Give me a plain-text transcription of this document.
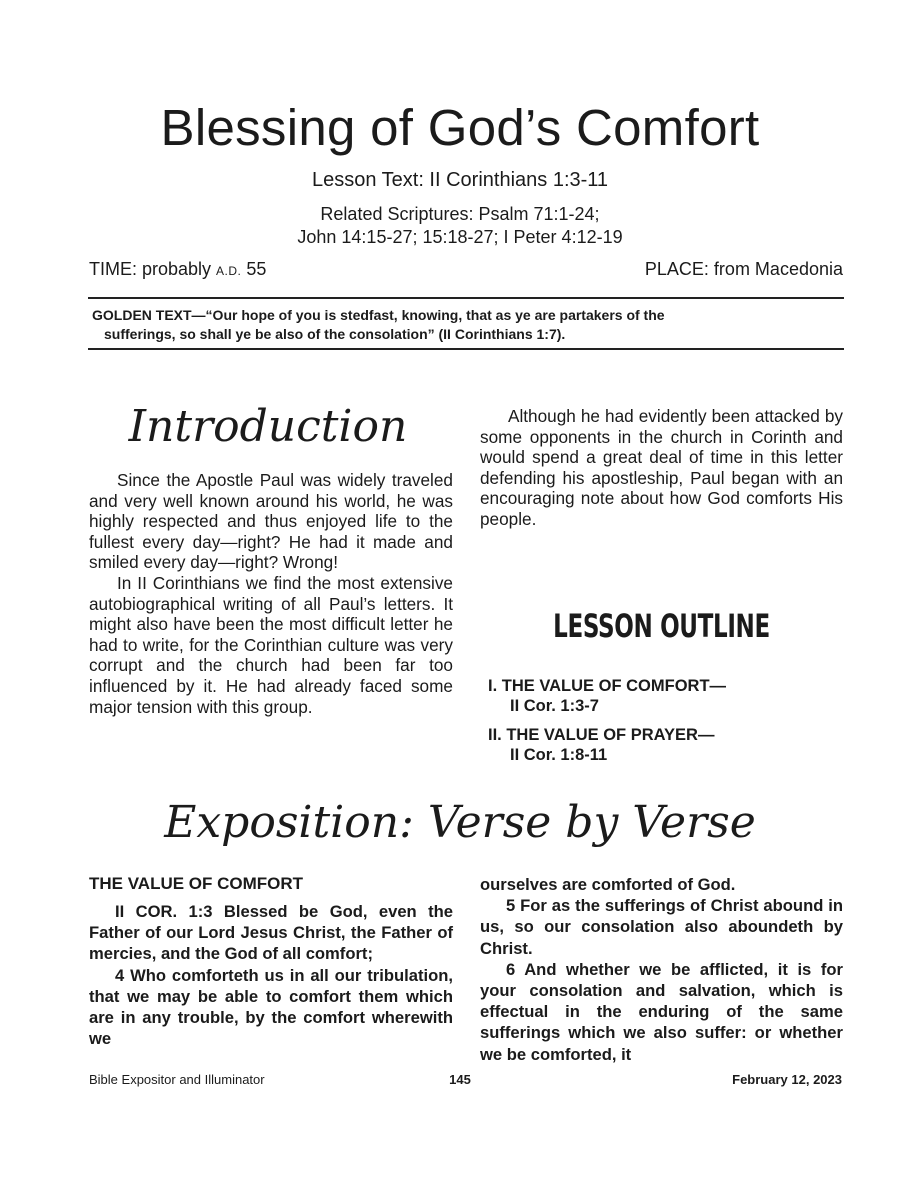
Blessing of God’s Comfort
Lesson Text: II Corinthians 1:3-11
Related Scriptures: Psalm 71:1-24;
John 14:15-27; 15:18-27; I Peter 4:12-19
TIME: probably A.D. 55	PLACE: from Macedonia
GOLDEN TEXT—“Our hope of you is stedfast, knowing, that as ye are partakers of the
sufferings, so shall ye be also of the consolation” (II Corinthians 1:7).
Introduction

Since the Apostle Paul was widely traveled and very well known around his world, he was highly respected and thus enjoyed life to the fullest every day—right? He had it made and smiled every day—right? Wrong!

In II Corinthians we find the most extensive autobiographical writing of all Paul’s letters. It might also have been the most difficult letter he had to write, for the Corinthian culture was very corrupt and the church had been far too influenced by it. He had already faced some major tension with this group.

Although he had evidently been attacked by some opponents in the church in Corinth and would spend a great deal of time in this letter defending his apostleship, Paul began with an encouraging note about how God comforts His people.

LESSON OUTLINE
I. THE VALUE OF COMFORT—
II Cor. 1:3-7
II. THE VALUE OF PRAYER—
II Cor. 1:8-11
Exposition: Verse by Verse
THE VALUE OF COMFORT

II COR. 1:3 Blessed be God, even the Father of our Lord Jesus Christ, the Father of mercies, and the God of all comfort;

4 Who comforteth us in all our tribulation, that we may be able to comfort them which are in any trouble, by the comfort wherewith we

ourselves are comforted of God.

5 For as the sufferings of Christ abound in us, so our consolation also aboundeth by Christ.

6 And whether we be afflicted, it is for your consolation and salvation, which is effectual in the enduring of the same sufferings which we also suffer: or whether we be comforted, it

Bible Expositor and Illuminator	145	February 12, 2023
